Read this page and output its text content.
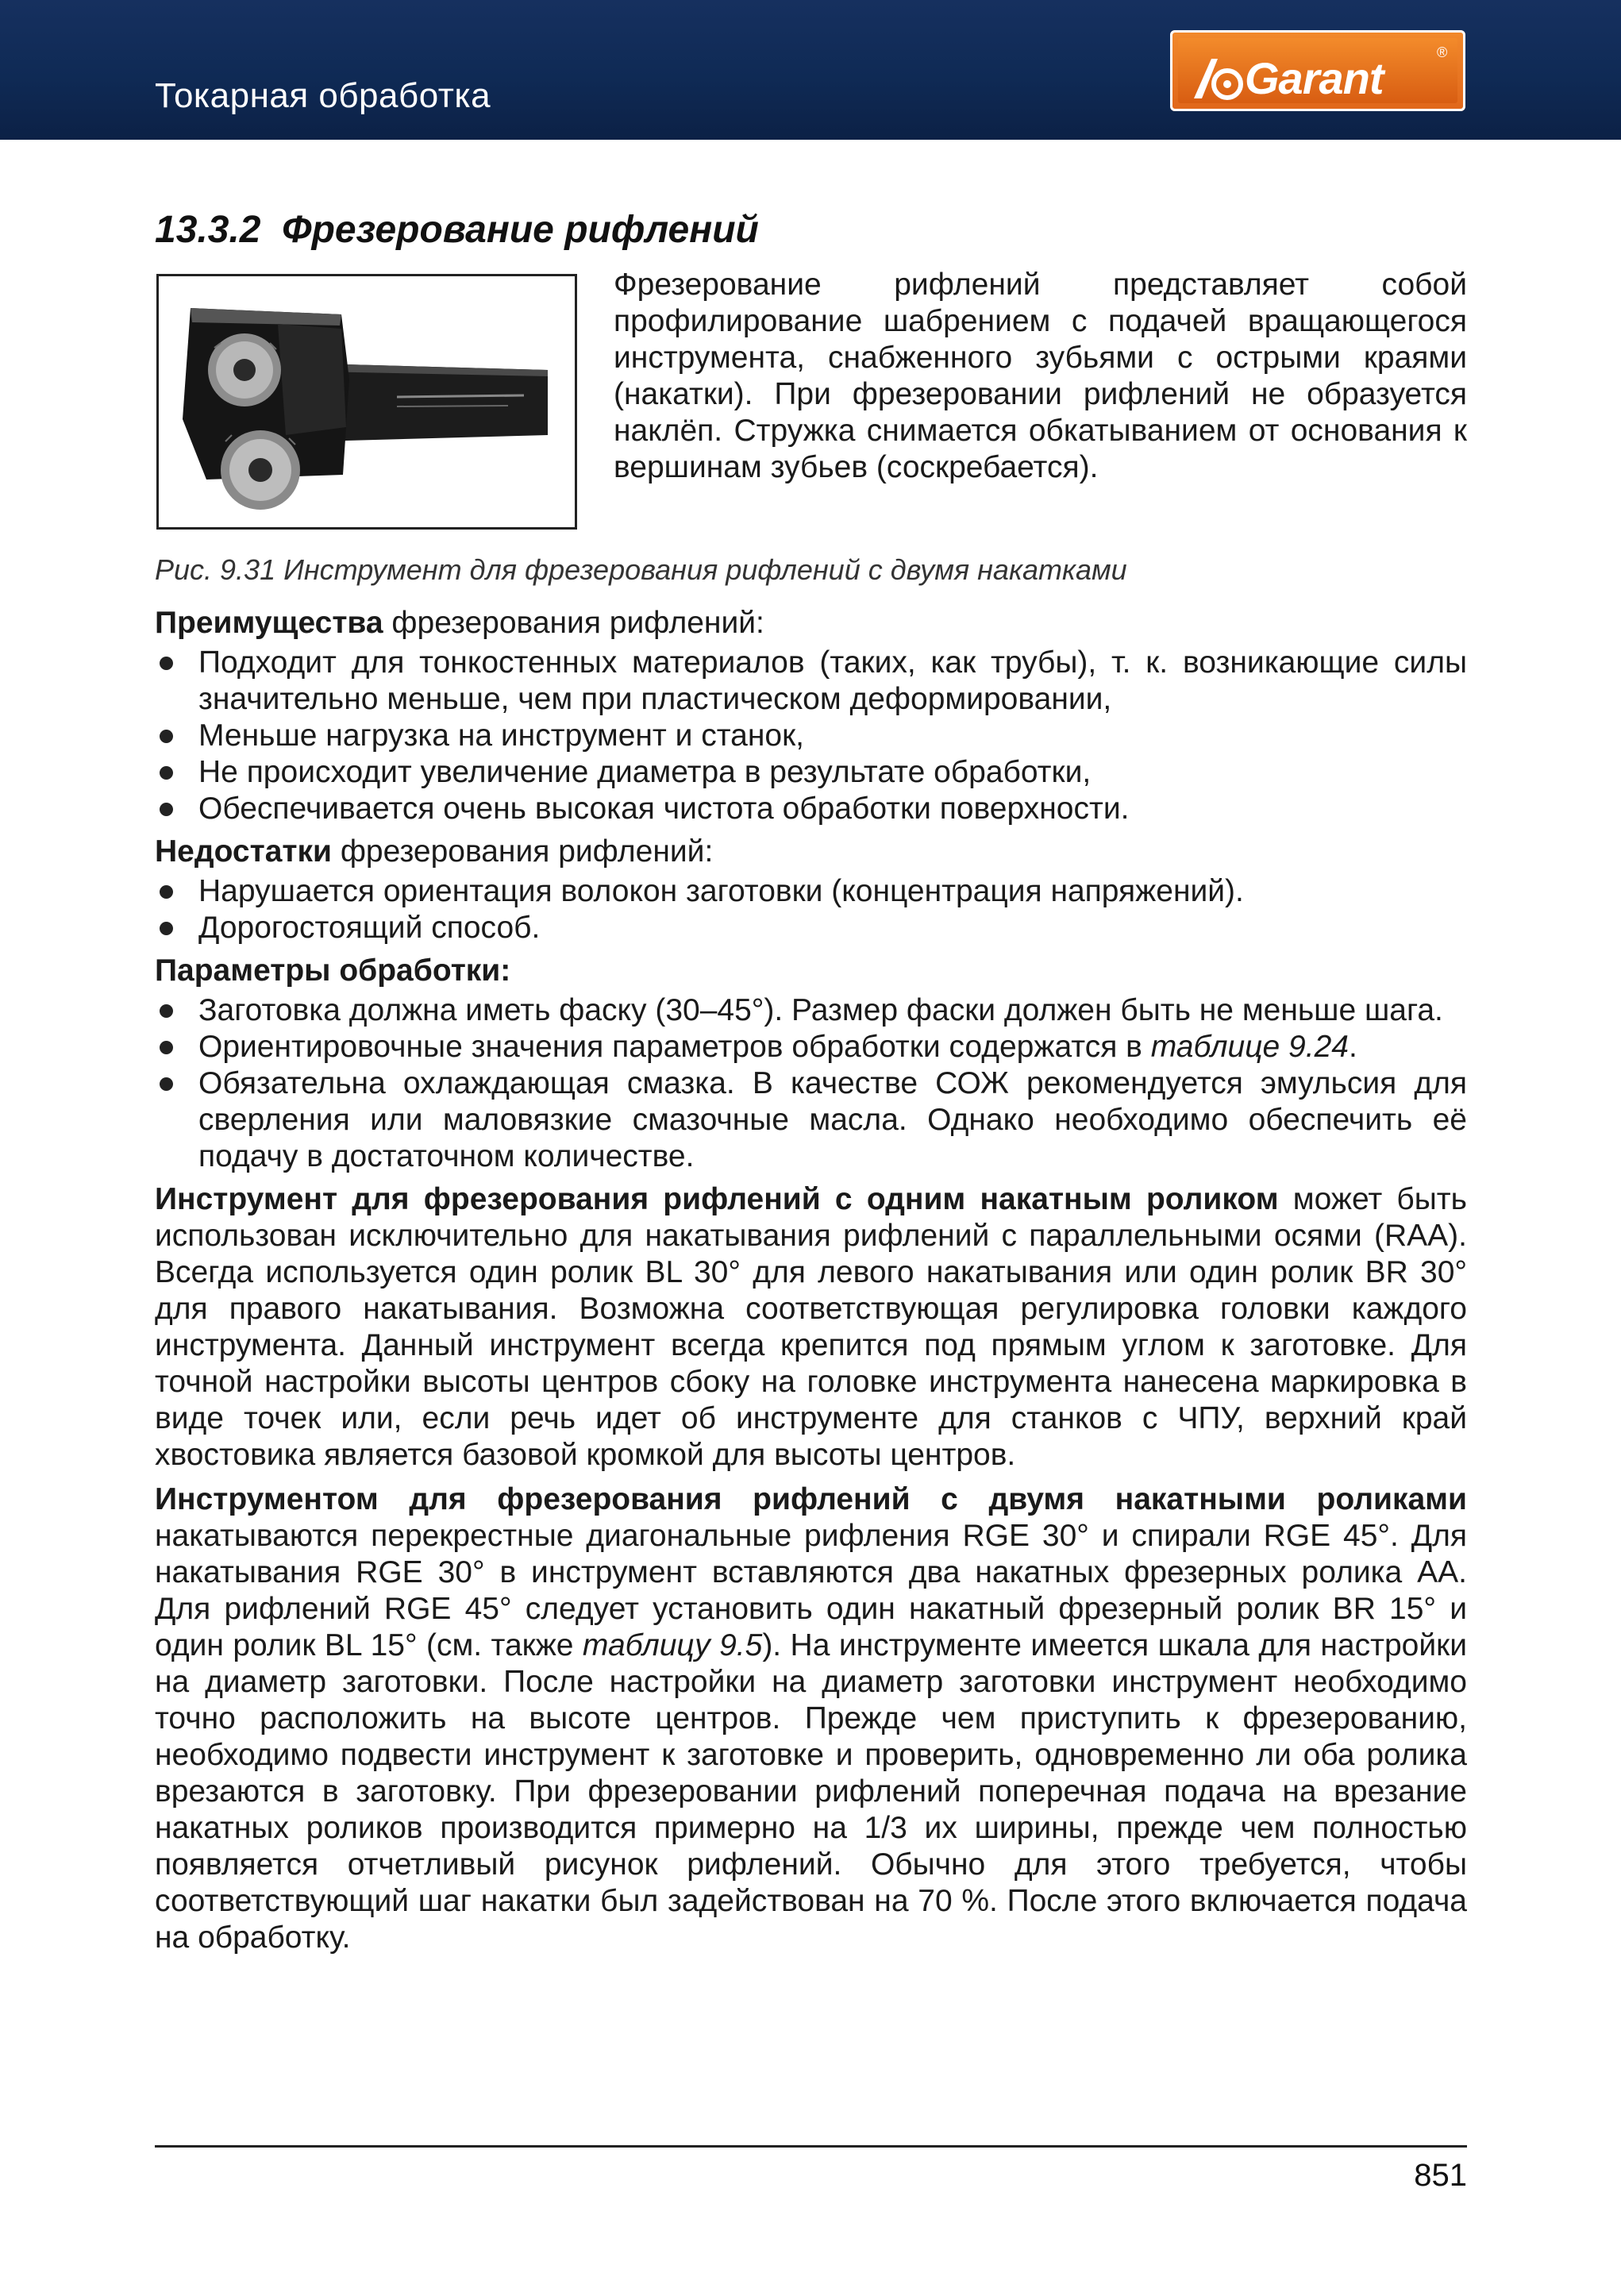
Токарная обработка	Garant
®
13.3.2 Фрезерование рифлений
Фрезерование рифлений представляет собой профилирование шабрением с подачей вращающегося инструмента, снабженного зубьями с острыми краями (накатки). При фрезеровании рифлений не образуется наклёп. Стружка снимается обкатыванием от основания к вершинам зубьев (соскребается).
Рис. 9.31 Инструмент для фрезерования рифлений с двумя накатками

Преимущества фрезерования рифлений:

Подходит для тонкостенных материалов (таких, как трубы), т. к. возникающие силы значительно меньше, чем при пластическом деформировании,
Меньше нагрузка на инструмент и станок,
Не происходит увеличение диаметра в результате обработки,
Обеспечивается очень высокая чистота обработки поверхности.

Недостатки фрезерования рифлений:

Нарушается ориентация волокон заготовки (концентрация напряжений).
Дорогостоящий способ.

Параметры обработки:

Заготовка должна иметь фаску (30–45°). Размер фаски должен быть не меньше шага.
Ориентировочные значения параметров обработки содержатся в таблице 9.24.
Обязательна охлаждающая смазка. В качестве СОЖ рекомендуется эмульсия для сверления или маловязкие смазочные масла. Однако необходимо обеспечить её подачу в достаточном количестве.

Инструмент для фрезерования рифлений с одним накатным роликом может быть использован исключительно для накатывания рифлений с параллельными осями (RAA). Всегда используется один ролик BL 30° для левого накатывания или один ролик BR 30° для правого накатывания. Возможна соответствующая регулировка головки каждого инструмента. Данный инструмент всегда крепится под прямым углом к заготовке. Для точной настройки высоты центров сбоку на головке инструмента нанесена маркировка в виде точек или, если речь идет об инструменте для станков с ЧПУ, верхний край хвостовика является базовой кромкой для высоты центров.

Инструментом для фрезерования рифлений с двумя накатными роликами накатываются перекрестные диагональные рифления RGE 30° и спирали RGE 45°. Для накатывания RGE 30° в инструмент вставляются два накатных фрезерных ролика AA. Для рифлений RGE 45° следует установить один накатный фрезерный ролик BR 15° и один ролик BL 15° (см. также таблицу 9.5). На инструменте имеется шкала для настройки на диаметр заготовки. После настройки на диаметр заготовки инструмент необходимо точно расположить на высоте центров. Прежде чем приступить к фрезерованию, необходимо подвести инструмент к заготовке и проверить, одновременно ли оба ролика врезаются в заготовку. При фрезеровании рифлений поперечная подача на врезание накатных роликов производится примерно на 1/3 их ширины, прежде чем полностью появляется отчетливый рисунок рифлений. Обычно для этого требуется, чтобы соответствующий шаг накатки был задействован на 70 %. После этого включается подача на обработку.

851
